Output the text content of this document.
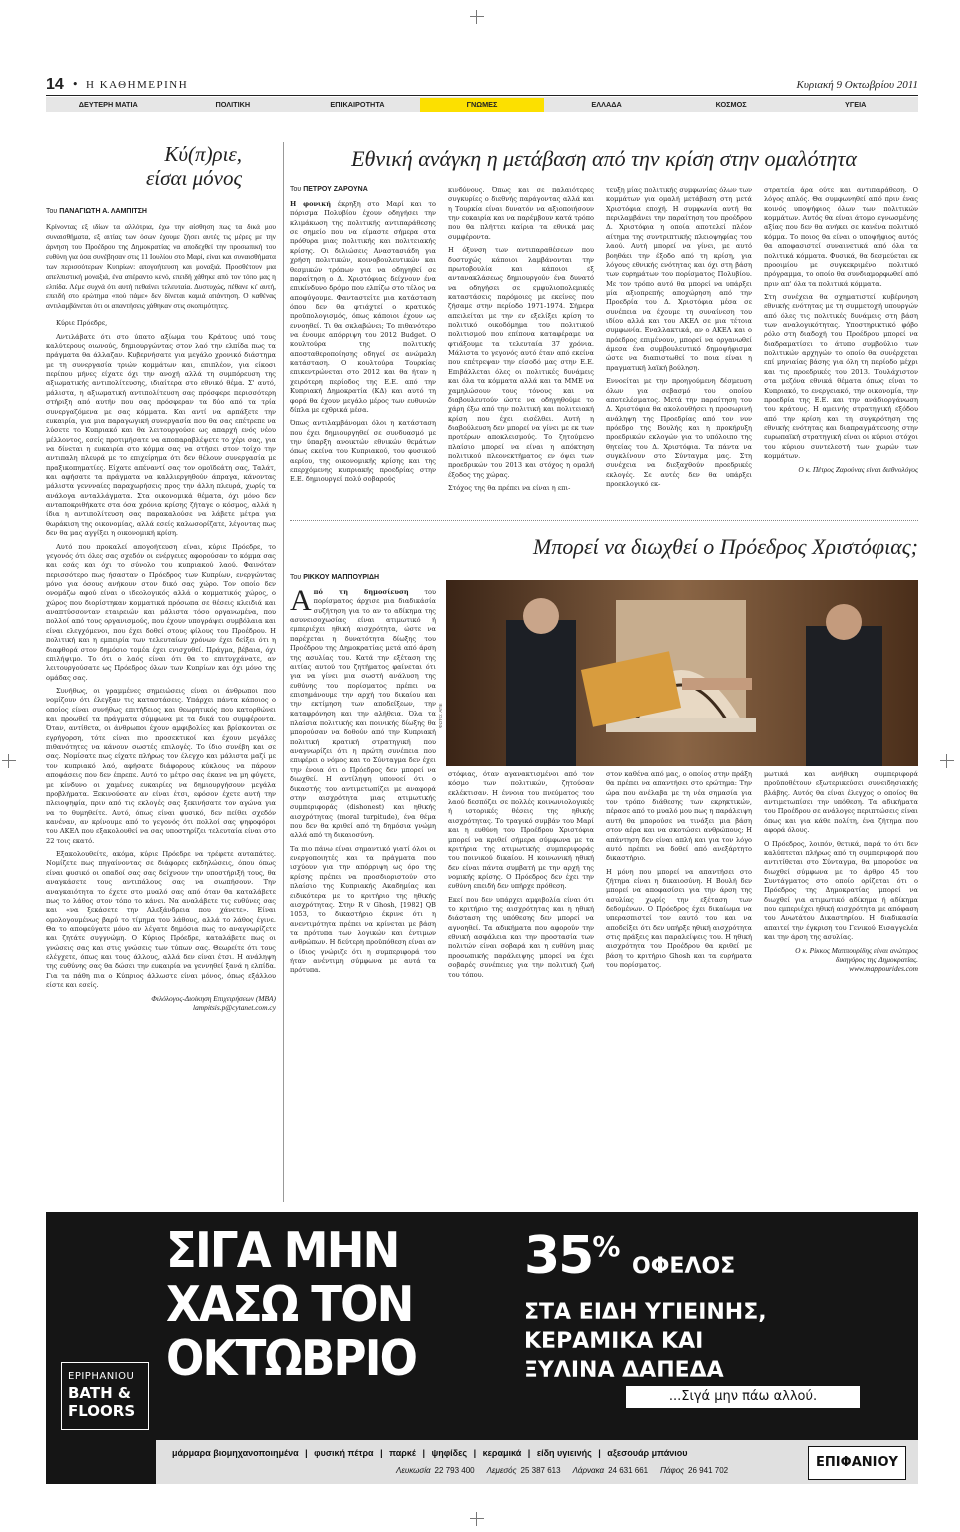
14 • Η ΚΑΘΗΜΕΡΙΝΗ	Κυριακή 9 Οκτωβρίου 2011
ΔΕΥΤΕΡΗ ΜΑΤΙΑ	ΠΟΛΙΤΙΚΗ	ΕΠΙΚΑΙΡΟΤΗΤΑ	ΓΝΩΜΕΣ	ΕΛΛΑΔΑ	ΚΟΣΜΟΣ	ΥΓΕΙΑ
Κύ(π)ριε,
είσαι μόνος
Του ΠΑΝΑΓΙΩΤΗ Α. ΛΑΜΠΙΤΣΗ

Κρίνοντας εξ ιδίων τα αλλότρια, έχω την αίσθηση πως τα δικά μου συναισθήματα, εξ αιτίας των όσων έχουμε ζήσει αυτές τις μέρες με την άρνηση του Προέδρου της Δημοκρατίας να αποδεχθεί την προσωπική του ευθύνη για όσα συνέβησαν στις 11 Ιουλίου στο Μαρί, είναι και συναισθήματα των περισσότερων Κυπρίων: απογοήτευση και μοναξιά. Προσθέτουν μια απελπιστική μοναξιά, ένα απέραντο κενό, επειδή χάθηκε από τον τόπο μας η ελπίδα. Λέμε συχνά ότι αυτή πεθαίνει τελευταία. Δυστυχώς, πέθανε κι' αυτή, επειδή στο ερώτημα «πού πάμε» δεν δίνεται καμιά απάντηση. Ο καθένας αντιλαμβάνεται ότι οι απαντήσεις χάθηκαν στις σκοπιμότητες.

Κύριε Πρόεδρε,

Αντιλάβατε ότι στο ύπατο αξίωμα του Κράτους υπό τους καλύτερους οιωνούς, δημιουργώντας στον λαό την ελπίδα πως τα πράγματα θα άλλαζαν. Κυβερνήσατε για μεγάλο χρονικό διάστημα με τη συνεργασία τριών κομμάτων και, επιπλέον, για είκοσι περίπου μήνες είχατε όχι την ανοχή αλλά τη συμπόρευση της αξιωματικής αντιπολίτευσης, ιδιαίτερα στο εθνικό θέμα. Σ' αυτό, μάλιστα, η αξιωματική αντιπολίτευση σας πρόσφερε περισσότερη στήριξη από αυτήν που σας πρόσφεραν τα δύο από τα τρία συνεργαζόμενα με σας κόμματα. Και αντί να αρπάξετε την ευκαιρία, για μια παραγωγική συνεργασία που θα σας επέτρεπε να λύσετε το Κυπριακό και θα λειτουργούσε ως απαρχή ενός νέου μέλλοντος, εσείς προτιμήσατε να αποπαραβλέψετε το χέρι σας, για να δίνεται η ευκαιρία στο κόμμα σας να στήσει στον τοίχο την αντιπαλη πλευρά με το επιχείρημα ότι δεν θέλουν συνεργασία με πραξικοπηματίες. Είχατε απέναντί σας τον ομοϊδεάτη σας, Ταλάτ, και αφήσατε τα πράγματα να καλλιεργηθούν άπραγα, κάνοντας μάλιστα γεννναίες παραχωρήσεις προς την άλλη πλευρά, χωρίς τα ανάλογα ανταλλάγματα. Στα οικονομικά θέματα, όχι μόνο δεν ανταποκριθήκατε στα όσα χρόνια κρίσης ζήταγε ο κόσμος, αλλά η ίδια η αντιπολίτευση σας παρακαλούσε να λάβετε μέτρα για θωράκιση της οικονομίας, αλλά εσείς καλωσορίζατε, λέγοντας πως δεν θα μας αγγίξει η οικονομική κρίση.

Αυτό που προκαλεί απογοήτευση είναι, κύριε Πρόεδρε, το γεγονός ότι όλες σας σχεδόν οι ενέργειες αφορούσαν το κόμμα σας και εσάς και όχι το σύνολο του κυπριακού λαού. Φαινόταν περισσότερο πως ήσασταν ο Πρόεδρος των Κυπρίων, ενεργώντας μόνο για όσους ανήκουν στον δικό σας χώρο. Τον οποίο δεν ονομάζω αφού είναι ο ιδεολογικός αλλά ο κομματικός χώρος, ο χώρος που διορίστηκαν κομματικά πρόσωπα σε θέσεις κλειδιά και αναπτύσσονταν εταιρειών και μάλιστα τόσο οργανωμένα, που πολλοί από τους οργανισμούς, που έχουν υπογράψει συμβόλαια και είναι ελεγχόμενοι, που έχει δοθεί στους φίλους του Προέδρου. Η πολιτική και η εμπειρία των τελευταίων χρόνων έχει δείξει ότι η διαφθορά στον δημόσιο τομέα έχει ενισχυθεί. Πράγμα, βέβαια, όχι επιλήψιμο. Το ότι ο λαός είναι ότι θα το επιτυγχάνατε, αν λειτουργούσατε ως Πρόεδρος όλων των Κυπρίων και όχι μόνο της ομάδας σας.

Συνήθως, οι γραμμένες σημειώσεις είναι οι άνθρωποι που νομίζουν ότι έλεγξαν τις καταστάσεις. Υπάρχει πάντα κάποιος ο οποίος είναι συνήθως επιτήδειος και θεωρητικός που κατορθώνει και προωθεί τα πράγματα σύμφωνα με τα δικά του συμφέροντα. Όταν, αντίθετα, οι άνθρωποι έχουν αμφιβολίες και βρίσκονται σε εγρήγορση, τότε είναι πιο προσεκτικοί και έχουν μεγάλες πιθανότητες να κάνουν σωστές επιλογές. Το ίδιο συνέβη και σε σας. Νομίσατε πως είχατε πλήρως τον έλεγχο και μάλιστα μαζί με τον κυπριακό λαό, αφήσατε διάφορους κύκλους να πάρουν αποφάσεις που δεν έπρεπε. Αυτό το μέτρο σας έκανε να μη φύγετε, με κίνδυνο οι χαμένες ευκαιρίες να δημιουργήσουν μεγάλα προβλήματα. Ξεκινούσατε αν είναι έτσι, εφόσον έχετε αυτή την πλειοψηφία, πριν από τις εκλογές σας ξεκινήσατε τον αγώνα για να το θυμηθείτε. Αυτό, όπως είναι φυσικό, δεν πείθει σχεδόν κανέναν, αν κρίνουμε από το γεγονός ότι πολλοί σας ψηφοφόροι του ΑΚΕΛ που εξακολουθεί να σας υποστηρίζει τελευταία είναι στο 22 τοις εκατό.

Εξακολουθείτε, ακόμα, κύριε Πρόεδρε να τρέφετε αυταπάτες. Νομίζετε πως πηγαίνοντας σε διάφορες εκδηλώσεις, όπου όπως είναι φυσικό οι οπαδοί σας σας δείχνουν την υποστήριξή τους, θα αναγκάσετε τους αντιπάλους σας να σιωπήσουν. Την αναγκαιότητα το έχετε στο μυαλό σας από όταν θα καταλάβετε πως το λάθος στον τόπο το κάνει. Να αναλάβετε τις ευθύνες σας και «να ξεκάσετε την Αλεξάνδρεια που χάνετε». Είναι ομολογουμένως βαρύ το τίμημα του λάθους, αλλά το λάθος έγινε. Θα το αποφεύγατε μόνο αν λέγατε δημόσια πως το αναγνωρίζετε και ζητάτε συγγνώμη. Ο Κύριος Πρόεδρε, καταλάβετε πως οι γνώσεις σας και στις γνώσεις των τύπων σας. Θεωρείτε ότι τους ελέγχετε, όπως και τους άλλους, αλλά δεν είναι έτσι. Η ανάληψη της ευθύνης σας θα δώσει την ευκαιρία να γεννηθεί ξανά η ελπίδα. Για τα πάθη πια ο Κύπριος άλλωστε είναι μόνος, όπως εξάλλου είστε και εσείς.

Φιλόλογος-Διοίκηση Επιχειρήσεων (MBA)

lampitsis.p@cytanet.com.cy

Εθνική ανάγκη η μετάβαση από την κρίση στην ομαλότητα
Του ΠΕΤΡΟΥ ΖΑΡΟΥΝΑ

Η φονική έκρηξη στο Μαρί και το πόρισμα Πολυβίου έχουν οδηγήσει την κλιμάκωση της πολιτικής αντιπαράθεσης σε σημείο που να είμαστε σήμερα στα πρόθυρα μιας πολιτικής και πολιτειακής κρίσης. Οι διλιώσεις Αναστασιάδη για χρήση πολιτικών, κοινοβουλευτικών και θεσμικών τρόπων για να οδηγηθεί σε παραίτηση ο Δ. Χριστόφιας δείχνουν ένα επικίνδυνο δρόμο που ελπίζω στο τέλος να αποφύγουμε. Φανταστείτε μια κατάσταση όπου δεν θα φτιάχτεί ο κρατικός προϋπολογισμός, όπως κάποιοι έχουν ως εννοηθεί. Τι θα σκλαβώνει; Το πιθανότερο να ένουμε απόρριψη του 2012 Budget. Ο κουλτούρα της πολιτικής αποσταθεροποίησης οδηγεί σε ανώμαλη κατάσταση. Ο κουλτούρα Τουρκίας επικεντρώνεται στο 2012 και θα ήταν η χειρότερη περίοδος της Ε.Ε. από την Κυπριακή Δημοκρατία (ΚΔ) και αυτό τη φορά θα έχουν μεγάλο μέρος των ευθυνών δίπλα με εχθρικά μέσα.

Όπως αντιλαμβάνομαι όλοι η κατάσταση που έχει δημιουργηθεί σε συνδυασμό με την ύπαρξη ανοικτών εθνικών θεμάτων όπως εκείνα του Κυπριακού, του φυσικού αερίου, της οικονομικής κρίσης και της επερχόμενης κυπριακής προεδρίας στην Ε.Ε. δημιουργεί πολύ σοβαρούς

κινδύνους. Όπως και σε παλαιότερες συγκυρίες ο διεθνής παράγοντας αλλά και η Τουρκία είναι δυνατόν να αξιοποιήσουν την ευκαιρία και να παρέμβουν κατά τρόπο που θα πλήττει καίρια τα εθνικά μας συμφέροντα.

Η όξυνση των αντιπαραθέσεων που δυστυχώς κάποιοι λαμβάνονται την πρωτοβουλία και κάποιοι εξ αντανακλάσεως δημιουργούν ένα δυνατό να οδηγήσει σε εμφυλιοπολεμικές καταστάσεις παρόμοιες με εκείνες που ζήσαμε στην περίοδο 1971-1974. Σήμερα απειλείται με την εν εξελίξει κρίση το πολιτικό οικοδόμημα του πολιτικού πολιτισμού που επίπονα καταφέραμε να φτιάξουμε τα τελευταία 37 χρόνια. Μάλιστα το γεγονός αυτό έταν από εκείνα που επέτρεψαν την είσοδό μας στην Ε.Ε. Επιβάλλεται όλες οι πολιτικές δυνάμεις και όλα τα κόμματα αλλά και τα ΜΜΕ να χαμηλώσουν τους τόνους και να διαβουλευτούν ώστε να οδηγηθούμε το χάρη έξω από την πολιτική και πολιτειακή κρίση που έχει εισέλθει. Αυτή η διαβούλευση δεν μπορεί να γίνει με εκ των προτέρων αποκλεισμούς. Το ζητούμενο πλαίσιο μπορεί να είναι η απόκτηση πολιτικού πλεονεκτήματος εν όψει των προεδρικών του 2013 και στόχος η ομαλή έξοδος της χώρας.

Στόχος της θα πρέπει να είναι η επι-

τευξη μίας πολιτικής συμφωνίας όλων των κομμάτων για ομαλή μετάβαση στη μετά Χριστόφια εποχή. Η συμφωνία αυτή θα περιλαμβάνει την παραίτηση του προέδρου Δ. Χριστόφια η οποία αποτελεί πλέον αίτημα της συντριπτικής πλειοψηφίας του λαού. Αυτή μπορεί να γίνει, με αυτό βοηθάει την έξοδο από τη κρίση, για λόγους εθνικής ενότητας και όχι στη βάση των ευρημάτων του πορίσματος Πολυβίου. Με τον τρόπο αυτό θα μπορεί να υπάρξει μία αξιοπρεπής αποχώρηση από την Προεδρία του Δ. Χριστόφια μέσα σε συνέπεια να έχουμε τη συναίνεση του ιδίου αλλά και του ΑΚΕΛ σε μια τέτοια συμφωνία. Εναλλακτικά, αν ο ΑΚΕΛ και ο πρόεδρος επιμένουν, μπορεί να οργανωθεί άμεσα ένα συμβουλευτικό δημοψήφισμα ώστε να διαπιστωθεί το ποια είναι η πραγματική λαϊκή βούληση.

Εννοείται με την προηγούμενη δέσμευση όλων για σεβασμό του οποίου αποτελέσματος. Μετά την παραίτηση του Δ. Χριστόφια θα ακολουθήσει η προσωρινή ανάληψη της Προεδρίας από τον νυν πρόεδρο της Βουλής και η προκήρυξη προεδρικών εκλογών για το υπόλοιπο της θητείας του Δ. Χριστόφια. Τα πάντα να συγκλίνουν στο Σύνταγμα μας. Στη συνέχεια να διεξαχθούν προεδρικές εκλογές. Σε αυτές δεν θα υπάρξει προεκλογικό εκ-

στρατεία άρα ούτε και αντιπαράθεση. Ο λόγος απλός. Θα συμφωνηθεί από πριν ένας κοινός υποψήφιος όλων των πολιτικών κομμάτων. Αυτός θα είναι άτομο εγνωσμένης αξίας που δεν θα ανήκει σε κανένα πολιτικό κόμμα. Το ποιος θα είναι ο υποψήφιος αυτός θα αποφασιστεί συναινετικά από όλα τα πολιτικά κόμματα. Φυσικά, θα δεσμεύεται εκ προοιμίου με συγκεκριμένο πολιτικό πρόγραμμα, το οποίο θα συνδιαμορφωθεί από πριν απ' όλα τα πολιτικά κόμματα.

Στη συνέχεια θα σχηματιστεί κυβέρνηση εθνικής ενότητας με τη συμμετοχή υπουργών από όλες τις πολιτικές δυνάμεις στη βάση των αναλογικότητας. Υποστηρικτικό φόβο ρόλο στη διαδοχή του Προέδρου μπορεί να διαδραματίσει το άτυπο συμβούλιο των πολιτικών αρχηγών το οποίο θα συνέρχεται επί μηνιαίας βάσης για όλη τη περίοδο μέχρι και τις προεδρικές του 2013. Τουλάχιστον στα μεζόνα εθνικά θέματα όπως είναι το Κυπριακό, το ενεργειακό, την οικονομία, την προεδρία της Ε.Ε. και την ανάδιοργάνωση του κράτους. Η αμεινής στρατηγική εξόδου από την κρίση και τη συγκρότηση της εθνικής ενότητας και διαπραγμάτευσης στην ευρωπαϊκή στρατηγική είναι οι κύριοι στόχοι του κύριου συντελεστή των χωρών των κομμάτων.

Ο κ. Πέτρος Ζαρούνας είναι διεθνολόγος

Μπορεί να διωχθεί ο Πρόεδρος Χριστόφιας;
Του ΡΙΚΚΟΥ ΜΑΠΠΟΥΡΙΔΗ

Α πό τη δημοσίευση του πορίσματος άρχισε μια διαδικάσία συζήτηση για το αν το αδίκημα της ασυνεισοχωσίας είναι ατιμωτικό ή εμπεριέχει ηθική αισχρότητα, ώστε να παρέχεται η δυνατότητα δίωξης του Προέδρου της Δημοκρατίας μετά από άρση της ασυλίας του. Κατά την εξέταση της αιτίας αυτού του ζητήματος φαίνεται ότι για να γίνει μια σωστή ανάλυση της ευθύνης του πορίσματος πρέπει να επισημάνουμε την αρχή του δικαίου και την εκτίμηση των αποδείξεων, την καταφρόνηση και την αλήθεια. Όλα τα πλαίσια πολιτικής και ποινικής δίωξης θα μπορούσαν να δοθούν από την Κυπριακή πολιτική κρατική στρατηγική που αναγνωρίζει ότι η πρώτη συνέπεια που επιφέρει ο νόμος και το Σύνταγμα δεν έχει την ένοια ότι ο Πρόεδρος δεν μπορεί να διωχθεί. Η αντίληψη υπονοεί ότι ο δικαστής του αντιμετωπίζει με αναφορά στην αισχρότητα μιας ατιμωτικής συμπεριφοράς (dishonest) και ηθικής αισχρότητας (moral turpitude), ένα θέμα που δεν θα κριθεί από τη δημόσια γνώμη αλλά από τη δικαιοσύνη.

Τα πιο πάνω είναι σημαντικό γιατί όλοι οι ενεργοποιητές και τα πράγματα που ισχύουν για την απόρριψη ως όρο της κρίσης πρέπει να προσδιοριστούν στο πλαίσιο της Κυπριακής Ακαδημίας και ειδικότερα με το κριτήριο της ηθικής αισχρότητας. Στην R v Ghosh, [1982] QB 1053, το δικαστήριο έκρινε ότι η ανεντιμότητα πρέπει να κρίνεται με βάση τα πρότυπα των λογικών και έντιμων ανθρώπων. Η δεύτερη προϋπόθεση είναι αν ο ίδιος γνώριζε ότι η συμπεριφορά του ήταν ανέντιμη σύμφωνα με αυτά τα πρότυπα.

ΦΩΤΟ: ΑΠΕ

στόφιας, όταν αγανακτισμένοι από τον κόσμο των πολιτικών, ζητούσαν εκλέκτισαν. Η έννοια του πνεύματος του λαού δεσπόζει σε πολλές κοινωνιολογικές ή ιστορικές θέσεις της ηθικής αισχρότητας. Το τραγικό συμβάν του Μαρί και η ευθύνη του Προέδρου Χριστόφια μπορεί να κριθεί σήμερα σύμφωνα με τα κριτήρια της ατιμωτικής συμπεριφοράς του ποινικού δικαίου. Η κοινωνική ηθική δεν είναι πάντα συμβατή με την αρχή της νομικής κρίσης. Ο Πρόεδρος δεν έχει την ευθύνη επειδή δεν υπήρχε πρόθεση.

Εκεί που δεν υπάρχει αμφιβολία είναι ότι το κριτήριο της αισχρότητας και η ηθική διάσταση της υπόθεσης δεν μπορεί να αγνοηθεί. Τα αδικήματα που αφορούν την εθνική ασφάλεια και την προστασία των πολιτών είναι σοβαρά και η ευθύνη μιας προσωπικής παράλειψης μπορεί να έχει σοβαρές συνέπειες για την πολιτική ζωή του τόπου.

στον καθένα από μας, ο οποίος στην πράξη θα πρέπει να απαντήσει στο ερώτημα: Την ώρα που ανέλαβα με τη νέα σημασία για τον τρόπο διάθεσης των εκρηκτικών, πέρασε από το μυαλό μου πως η παράλειψη αυτή θα μπορούσε να τινάξει μια βάση στον αέρα και να σκοτώσει ανθρώπους; Η απάντηση δεν είναι απλή και για τον λόγο αυτό πρέπει να δοθεί από ανεξάρτητο δικαστήριο.

Η μόνη που μπορεί να απαντήσει στο ζήτημα είναι η δικαιοσύνη. Η Βουλή δεν μπορεί να αποφασίσει για την άρση της ασυλίας χωρίς την εξέταση των δεδομένων. Ο Πρόεδρος έχει δικαίωμα να υπερασπιστεί τον εαυτό του και να αποδείξει ότι δεν υπήρξε ηθική αισχρότητα στις πράξεις και παραλείψεις του. Η ηθική αισχρότητα του Προέδρου θα κριθεί με βάση το κριτήριο Ghosh και τα ευρήματα του πορίσματος.

μωτικά και ανήθικη συμπεριφορά προϋποθέτουν εξωτερικεύσει συνειδησιακής βλάβης. Αυτός θα είναι έλεγχος ο οποίος θα αντιμετωπίσει την υπόθεση. Τα αδικήματα του Προέδρου σε ανάλογες περιπτώσεις είναι όπως και για κάθε πολίτη, ένα ζήτημα που αφορά όλους.

Ο Πρόεδρος, λοιπόν, θετικά, παρά το ότι δεν καλύπτεται πλήρως από τη συμπεριφορά που αντιτίθεται στο Σύνταγμα, θα μπορούσε να διωχθεί σύμφωνα με το άρθρο 45 του Συντάγματος στο οποίο ορίζεται ότι ο Πρόεδρος της Δημοκρατίας μπορεί να διωχθεί για ατιμωτικό αδίκημα ή αδίκημα που εμπεριέχει ηθική αισχρότητα με απόφαση του Ανωτάτου Δικαστηρίου. Η διαδικασία απαιτεί την έγκριση του Γενικού Εισαγγελέα και την άρση της ασυλίας.

Ο κ. Ρίκκος Μαππουρίδης είναι ανώτερος

δικηγόρος της Δημοκρατίας.

www.mappourides.com

ΣΙΓΑ ΜΗΝ
ΧΑΣΩ ΤΟΝ
ΟΚΤΩΒΡΙΟ
35% ΟΦΕΛΟΣ
ΣΤΑ ΕΙΔΗ ΥΓΙΕΙΝΗΣ,
ΚΕΡΑΜΙΚΑ ΚΑΙ
ΞΥΛΙΝΑ ΔΑΠΕΔΑ
...Σιγά μην πάω αλλού.
EPIPHANIOU
BATH &
FLOORS
μάρμαρα βιομηχανοποιημένα | φυσική πέτρα | παρκέ | ψηφίδες | κεραμικά | είδη υγιεινής | αξεσουάρ μπάνιου
Λευκωσία 22 793 400 Λεμεσός 25 387 613 Λάρνακα 24 631 661 Πάφος 26 941 702
ΕΠΙΦΑΝΙΟΥ
